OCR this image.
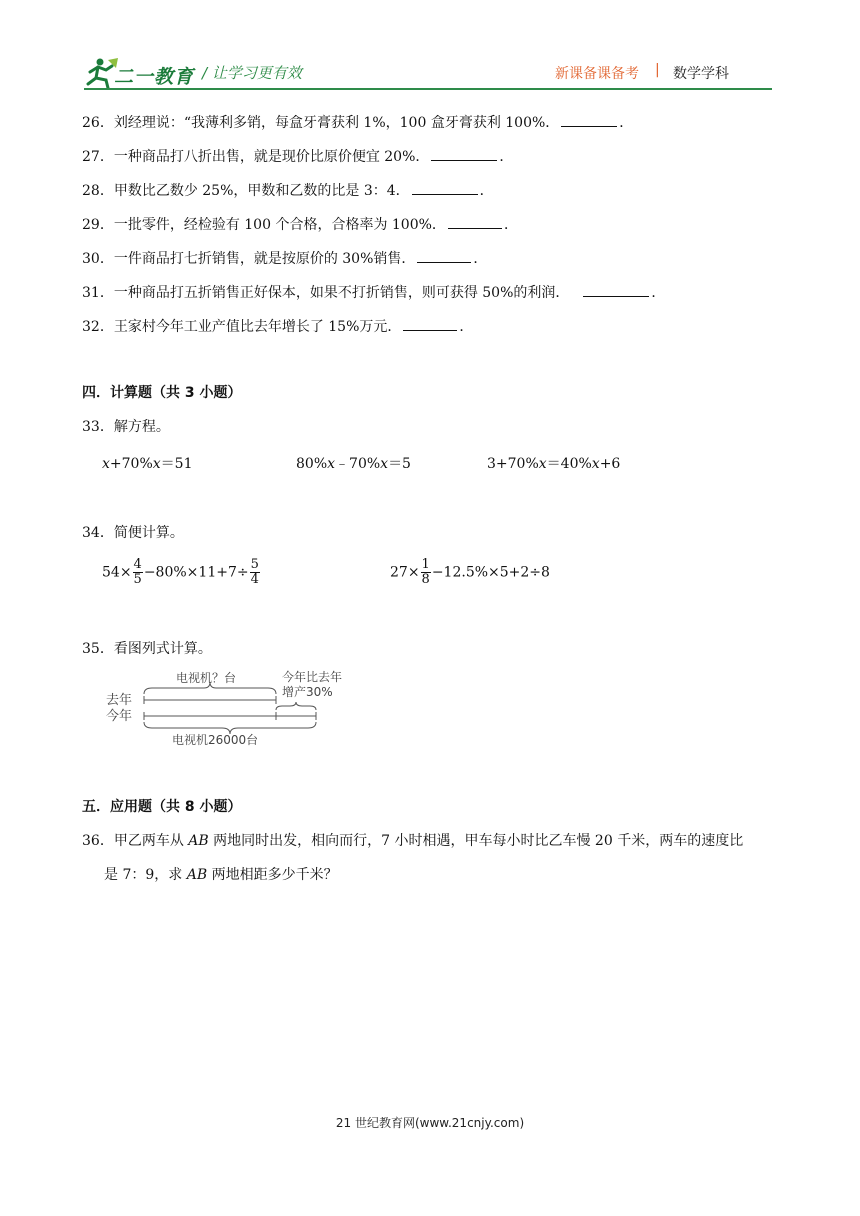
二一教育 / 让学习更有效	新课备课备考 | 数学学科
26．刘经理说：“我薄利多销，每盒牙膏获利 1%，100 盒牙膏获利 100%．	．
27．一种商品打八折出售，就是现价比原价便宜 20%．	．
28．甲数比乙数少 25%，甲数和乙数的比是 3：4．	．
29．一批零件，经检验有 100 个合格，合格率为 100%．	．
30．一件商品打七折销售，就是按原价的 30%销售．	．
31．一种商品打五折销售正好保本，如果不打折销售，则可获得 50%的利润．	．
32．王家村今年工业产值比去年增长了 15%万元．	．
四．计算题（共 3 小题）
33．解方程。
x+70%x＝51	80%x﹣70%x＝5	3+70%x＝40%x+6
34．简便计算。
$54\times \frac{4}{5} -80\%\times 11+7\div \frac{5}{4}$	$27\times \frac{1}{8} -12.5\%\times 5+2\div 8$
35．看图列式计算。
去年
今年
电视机？台	今年比去年
增产30%
电视机26000台
五．应用题（共 8 小题）
36．甲乙两车从 AB 两地同时出发，相向而行，7 小时相遇，甲车每小时比乙车慢 20 千米，两车的速度比
是 7：9，求 AB 两地相距多少千米？
21 世纪教育网(www.21cnjy.com)
